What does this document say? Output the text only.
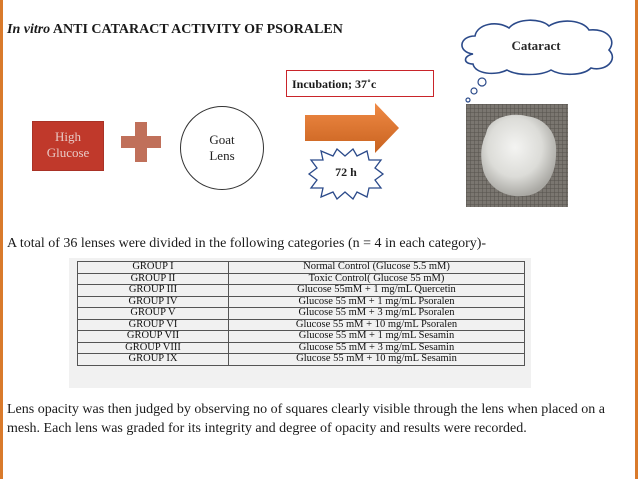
In vitro ANTI CATARACT ACTIVITY OF PSORALEN
Cataract
Incubation; 37˚c
High
Glucose
Goat
Lens
72 h
A total of 36 lenses were divided in the following categories (n = 4 in each category)-
GROUP I	Normal Control (Glucose 5.5 mM)
GROUP II	Toxic Control( Glucose 55 mM)
GROUP III	Glucose 55mM + 1 mg/mL Quercetin
GROUP IV	Glucose 55 mM + 1 mg/mL Psoralen
GROUP V	Glucose 55 mM + 3 mg/mL Psoralen
GROUP VI	Glucose 55 mM + 10 mg/mL Psoralen
GROUP VII	Glucose 55 mM + 1 mg/mL Sesamin
GROUP VIII	Glucose 55 mM + 3 mg/mL Sesamin
GROUP IX	Glucose 55 mM + 10 mg/mL Sesamin
Lens opacity was then judged by observing no of squares clearly visible through the lens when placed on a mesh. Each lens was graded for its integrity and degree of opacity and results were recorded.
